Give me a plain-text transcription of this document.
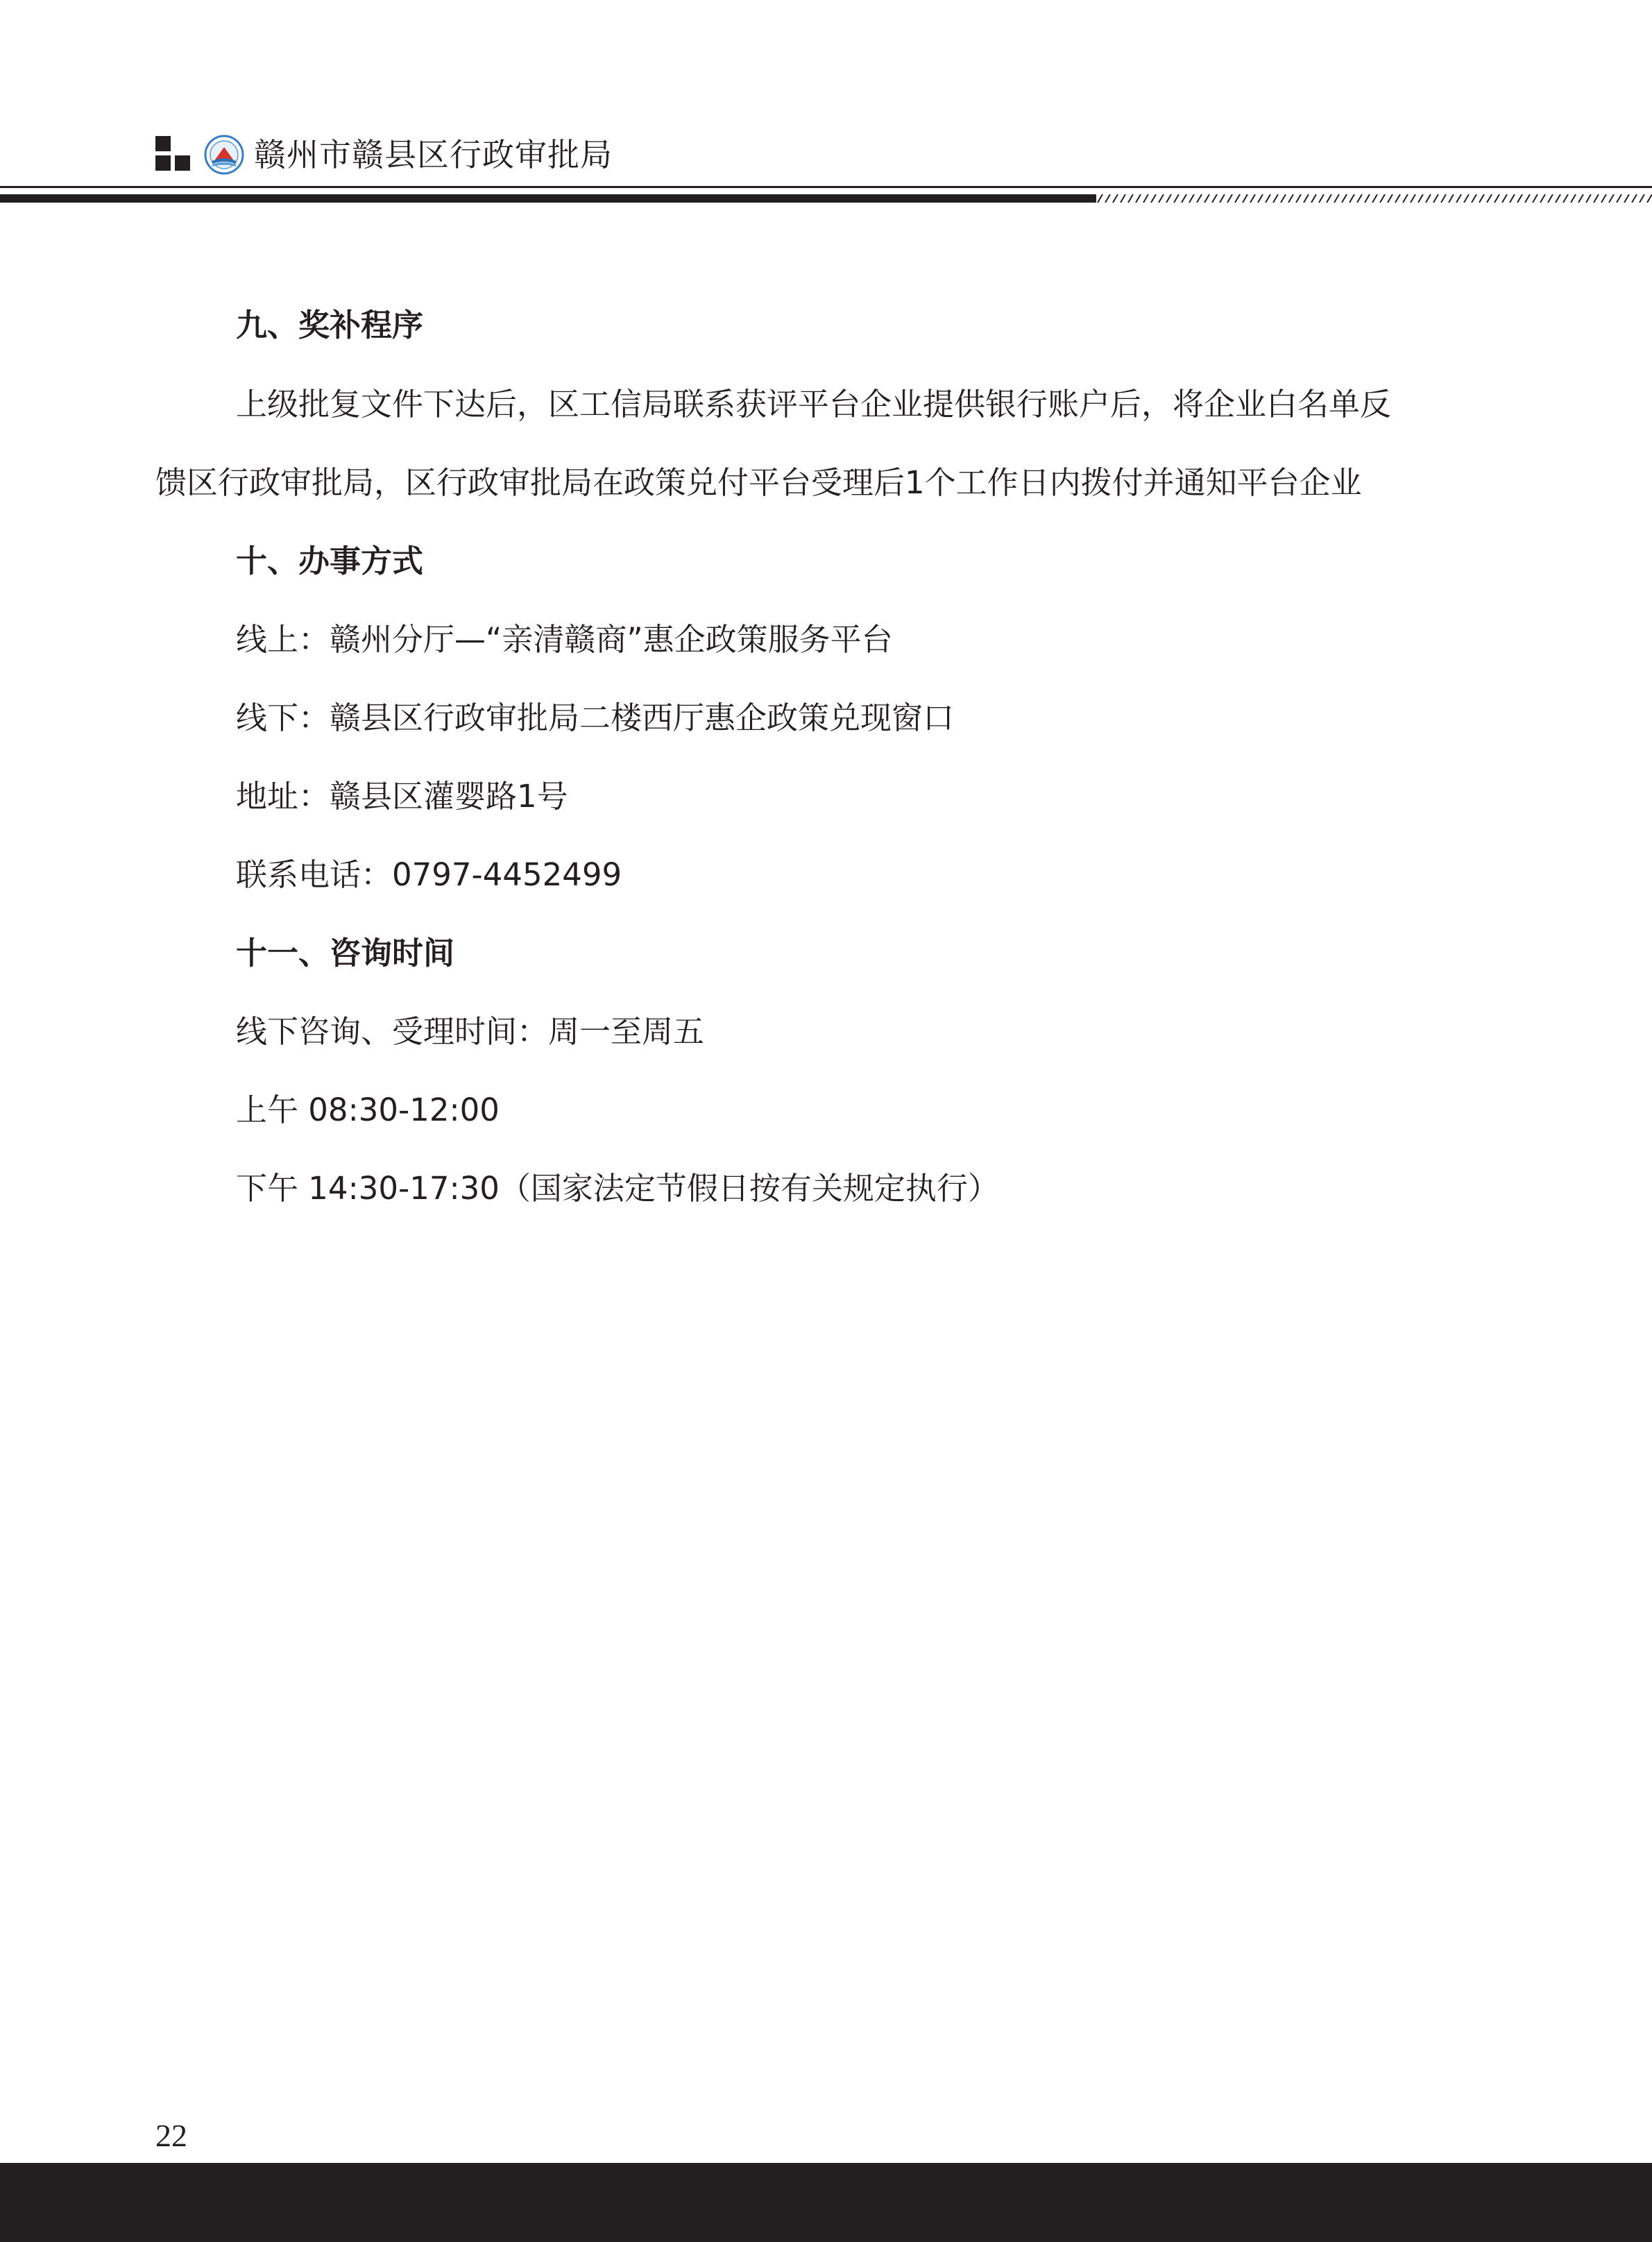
赣州市赣县区行政审批局
九、奖补程序
上级批复文件下达后，区工信局联系获评平台企业提供银行账户后，将企业白名单反
馈区行政审批局，区行政审批局在政策兑付平台受理后1个工作日内拨付并通知平台企业
十、办事方式
线上：赣州分厅—“亲清赣商”惠企政策服务平台
线下：赣县区行政审批局二楼西厅惠企政策兑现窗口
地址：赣县区灌婴路1号
联系电话：0797-4452499
十一、咨询时间
线下咨询、受理时间：周一至周五
上午 08:30-12:00
下午 14:30-17:30（国家法定节假日按有关规定执行）
22
